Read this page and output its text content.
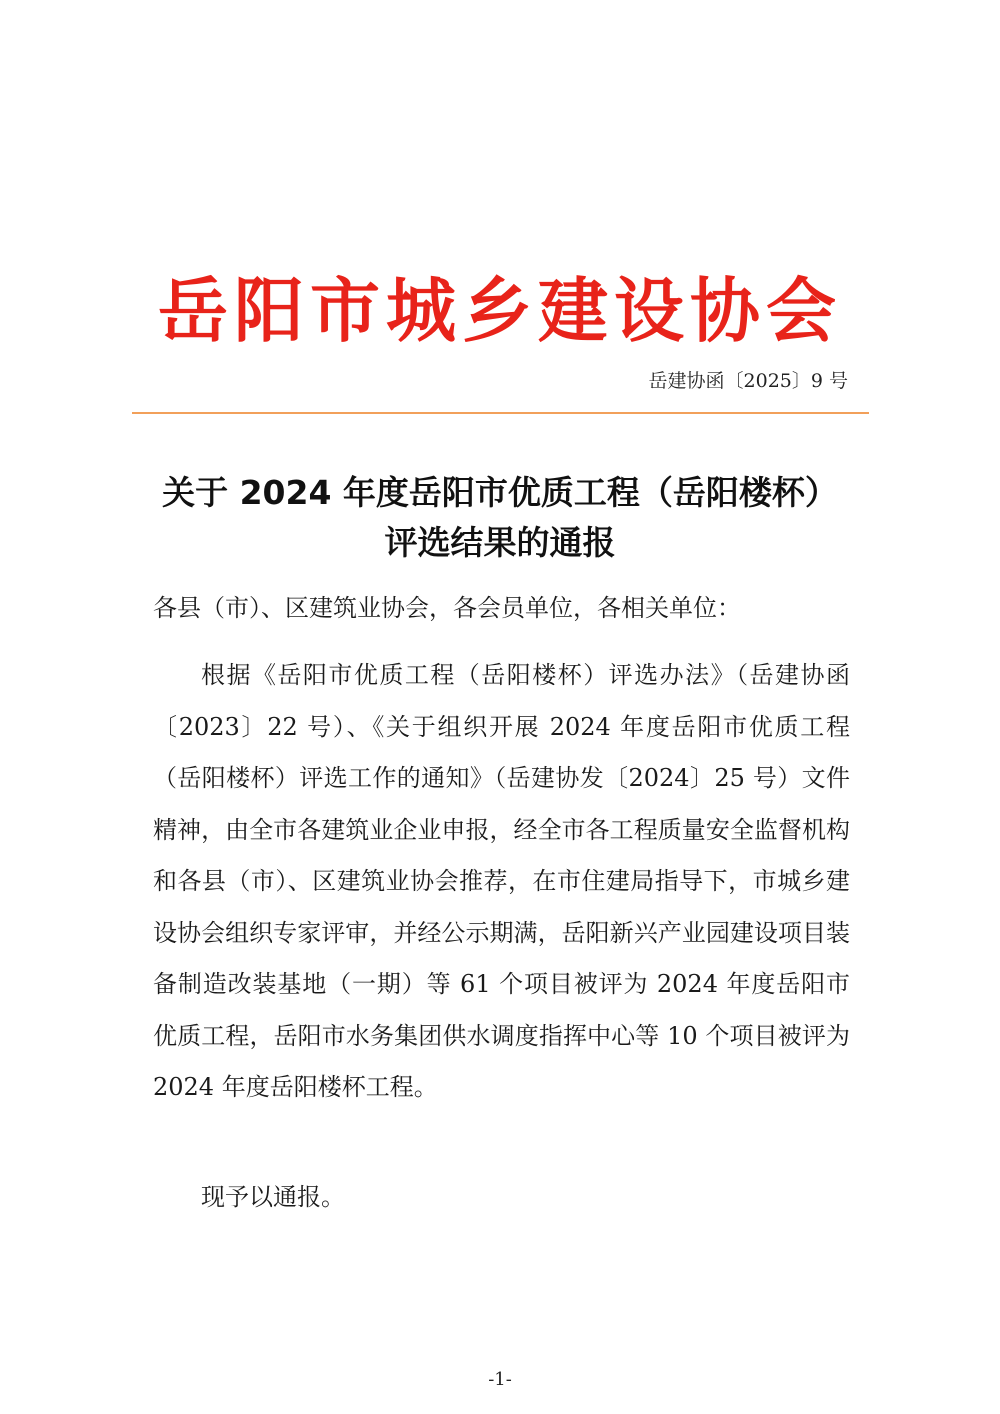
岳阳市城乡建设协会
岳建协函〔2025〕9 号
关于 2024 年度岳阳市优质工程（岳阳楼杯）
评选结果的通报
各县（市）、区建筑业协会，各会员单位，各相关单位：

根据《岳阳市优质工程（岳阳楼杯）评选办法》（岳建协函〔2023〕22 号）、《关于组织开展 2024 年度岳阳市优质工程（岳阳楼杯）评选工作的通知》（岳建协发〔2024〕25 号）文件精神，由全市各建筑业企业申报，经全市各工程质量安全监督机构和各县（市）、区建筑业协会推荐，在市住建局指导下，市城乡建设协会组织专家评审，并经公示期满，岳阳新兴产业园建设项目装备制造改装基地（一期）等 61 个项目被评为 2024 年度岳阳市优质工程，岳阳市水务集团供水调度指挥中心等 10 个项目被评为 2024 年度岳阳楼杯工程。

现予以通报。

-1-
